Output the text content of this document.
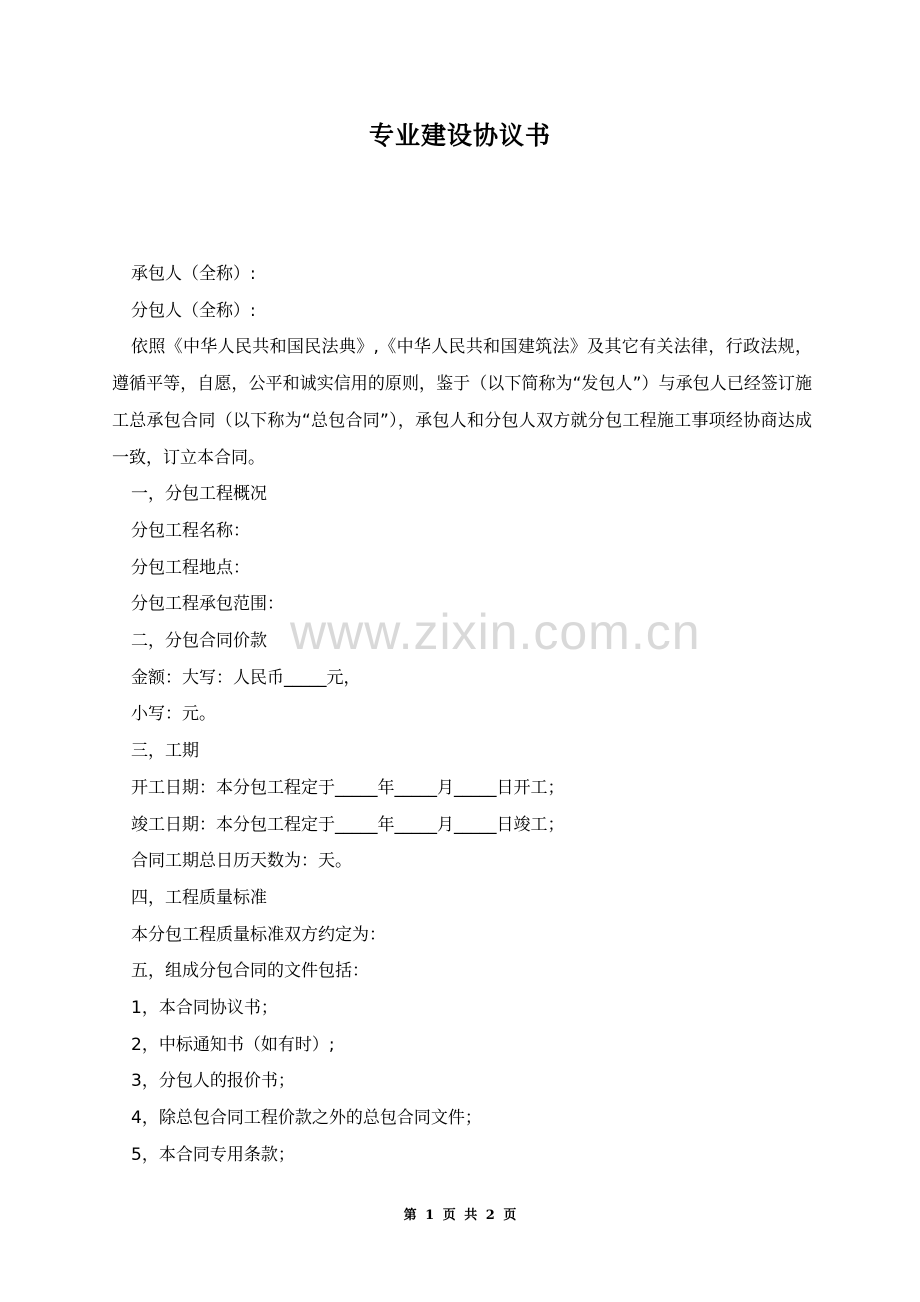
专业建设协议书

承包人（全称）:

分包人（全称）:

依照《中华人民共和国民法典》,《中华人民共和国建筑法》及其它有关法律，行政法规，遵循平等，自愿，公平和诚实信用的原则，鉴于（以下简称为“发包人”）与承包人已经签订施工总承包合同（以下称为“总包合同”），承包人和分包人双方就分包工程施工事项经协商达成一致，订立本合同。

一，分包工程概况

分包工程名称：

分包工程地点：

分包工程承包范围：

二，分包合同价款

金额：大写：人民币_____元，

小写：元。

三，工期

开工日期：本分包工程定于_____年_____月_____日开工；

竣工日期：本分包工程定于_____年_____月_____日竣工；

合同工期总日历天数为：天。

四，工程质量标准

本分包工程质量标准双方约定为：

五，组成分包合同的文件包括：

1，本合同协议书；

2，中标通知书（如有时）;

3，分包人的报价书；

4，除总包合同工程价款之外的总包合同文件；

5，本合同专用条款；

www.zixin.com.cn
第 1 页 共 2 页
